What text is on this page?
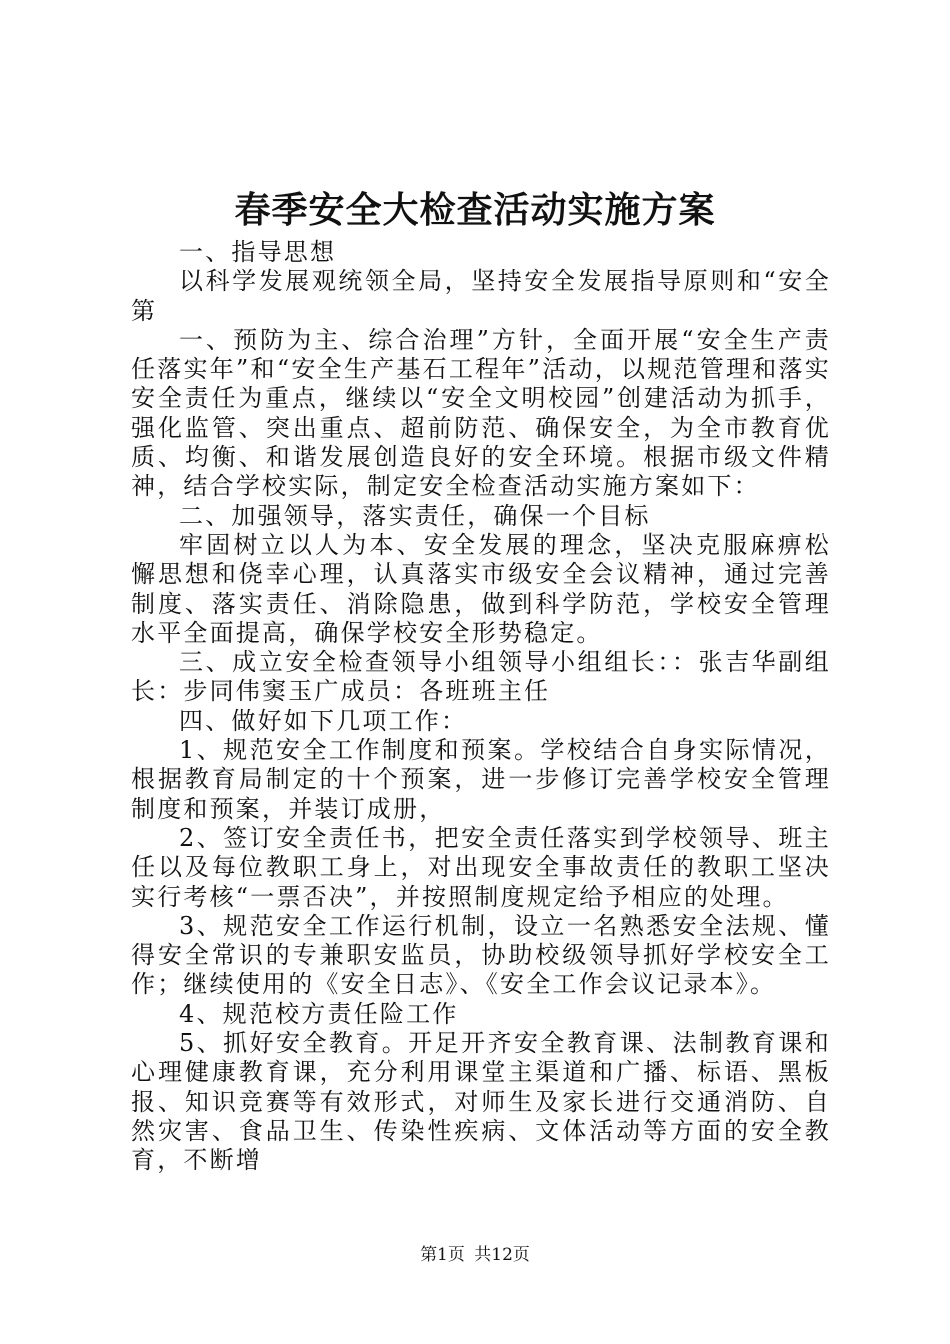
春季安全大检查活动实施方案

一、指导思想

以科学发展观统领全局，坚持安全发展指导原则和“安全第

一、预防为主、综合治理”方针，全面开展“安全生产责任落实年”和“安全生产基石工程年”活动，以规范管理和落实安全责任为重点，继续以“安全文明校园”创建活动为抓手，强化监管、突出重点、超前防范、确保安全，为全市教育优质、均衡、和谐发展创造良好的安全环境。根据市级文件精神，结合学校实际，制定安全检查活动实施方案如下：

二、加强领导，落实责任，确保一个目标

牢固树立以人为本、安全发展的理念，坚决克服麻痹松懈思想和侥幸心理，认真落实市级安全会议精神，通过完善制度、落实责任、消除隐患，做到科学防范，学校安全管理水平全面提高，确保学校安全形势稳定。

三、成立安全检查领导小组领导小组组长：：张吉华副组长：步同伟窦玉广成员：各班班主任

四、做好如下几项工作：

1、规范安全工作制度和预案。学校结合自身实际情况，根据教育局制定的十个预案，进一步修订完善学校安全管理制度和预案，并装订成册，

2、签订安全责任书，把安全责任落实到学校领导、班主任以及每位教职工身上，对出现安全事故责任的教职工坚决实行考核“一票否决”，并按照制度规定给予相应的处理。

3、规范安全工作运行机制，设立一名熟悉安全法规、懂得安全常识的专兼职安监员，协助校级领导抓好学校安全工作；继续使用的《安全日志》、《安全工作会议记录本》。

4、规范校方责任险工作

5、抓好安全教育。开足开齐安全教育课、法制教育课和心理健康教育课，充分利用课堂主渠道和广播、标语、黑板报、知识竞赛等有效形式，对师生及家长进行交通消防、自然灾害、食品卫生、传染性疾病、文体活动等方面的安全教育，不断增

第1页 共12页
